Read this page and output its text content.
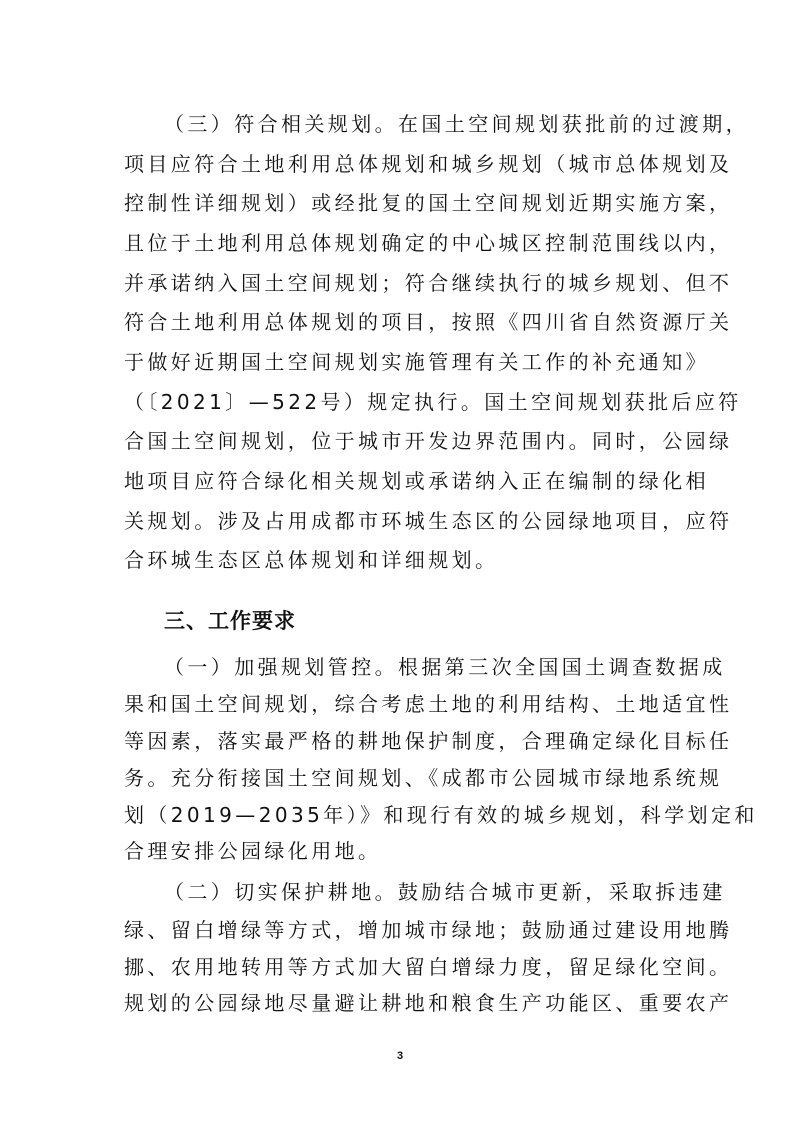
（三）符合相关规划。在国土空间规划获批前的过渡期，
项目应符合土地利用总体规划和城乡规划（城市总体规划及
控制性详细规划）或经批复的国土空间规划近期实施方案，
且位于土地利用总体规划确定的中心城区控制范围线以内，
并承诺纳入国土空间规划；符合继续执行的城乡规划、但不
符合土地利用总体规划的项目，按照《四川省自然资源厅关
于做好近期国土空间规划实施管理有关工作的补充通知》
（〔2021〕—522号）规定执行。国土空间规划获批后应符
合国土空间规划，位于城市开发边界范围内。同时，公园绿
地项目应符合绿化相关规划或承诺纳入正在编制的绿化相
关规划。涉及占用成都市环城生态区的公园绿地项目，应符
合环城生态区总体规划和详细规划。
三、工作要求
（一）加强规划管控。根据第三次全国国土调查数据成
果和国土空间规划，综合考虑土地的利用结构、土地适宜性
等因素，落实最严格的耕地保护制度，合理确定绿化目标任
务。充分衔接国土空间规划、《成都市公园城市绿地系统规
划（2019—2035年）》和现行有效的城乡规划，科学划定和
合理安排公园绿化用地。
（二）切实保护耕地。鼓励结合城市更新，采取拆违建
绿、留白增绿等方式，增加城市绿地；鼓励通过建设用地腾
挪、农用地转用等方式加大留白增绿力度，留足绿化空间。
规划的公园绿地尽量避让耕地和粮食生产功能区、重要农产
3
